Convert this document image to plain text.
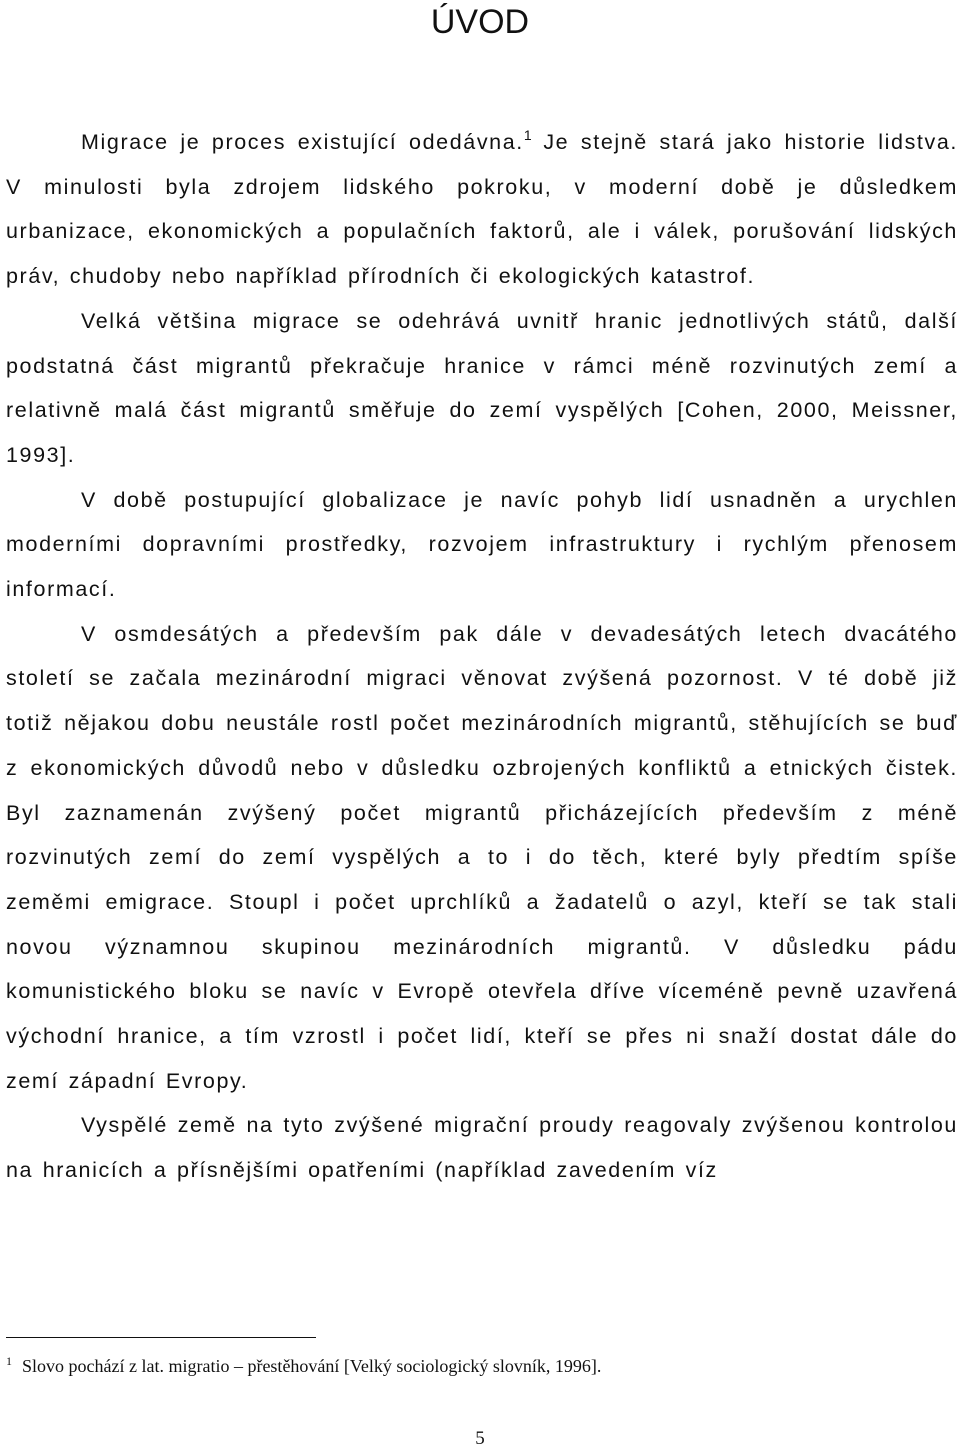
ÚVOD

Migrace je proces existující odedávna.$^1$ Je stejně stará jako historie lidstva. V minulosti byla zdrojem lidského pokroku, v moderní době je důsledkem urbanizace, ekonomických a populačních faktorů, ale i válek, porušování lidských práv, chudoby nebo například přírodních či ekologických katastrof.

Velká většina migrace se odehrává uvnitř hranic jednotlivých států, další podstatná část migrantů překračuje hranice v rámci méně rozvinutých zemí a relativně malá část migrantů směřuje do zemí vyspělých [Cohen, 2000, Meissner, 1993].

V době postupující globalizace je navíc pohyb lidí usnadněn a urychlen moderními dopravními prostředky, rozvojem infrastruktury i rychlým přenosem informací.

V osmdesátých a především pak dále v devadesátých letech dvacátého století se začala mezinárodní migraci věnovat zvýšená pozornost. V té době již totiž nějakou dobu neustále rostl počet mezinárodních migrantů, stěhujících se buď z ekonomických důvodů nebo v důsledku ozbrojených konfliktů a etnických čistek. Byl zaznamenán zvýšený počet migrantů přicházejících především z méně rozvinutých zemí do zemí vyspělých a to i do těch, které byly předtím spíše zeměmi emigrace. Stoupl i počet uprchlíků a žadatelů o azyl, kteří se tak stali novou významnou skupinou mezinárodních migrantů. V důsledku pádu komunistického bloku se navíc v Evropě otevřela dříve víceméně pevně uzavřená východní hranice, a tím vzrostl i počet lidí, kteří se přes ni snaží dostat dále do zemí západní Evropy.

Vyspělé země na tyto zvýšené migrační proudy reagovaly zvýšenou kontrolou na hranicích a přísnějšími opatřeními (například zavedením víz

$^1$ Slovo pochází z lat. migratio – přestěhování [Velký sociologický slovník, 1996].
5
